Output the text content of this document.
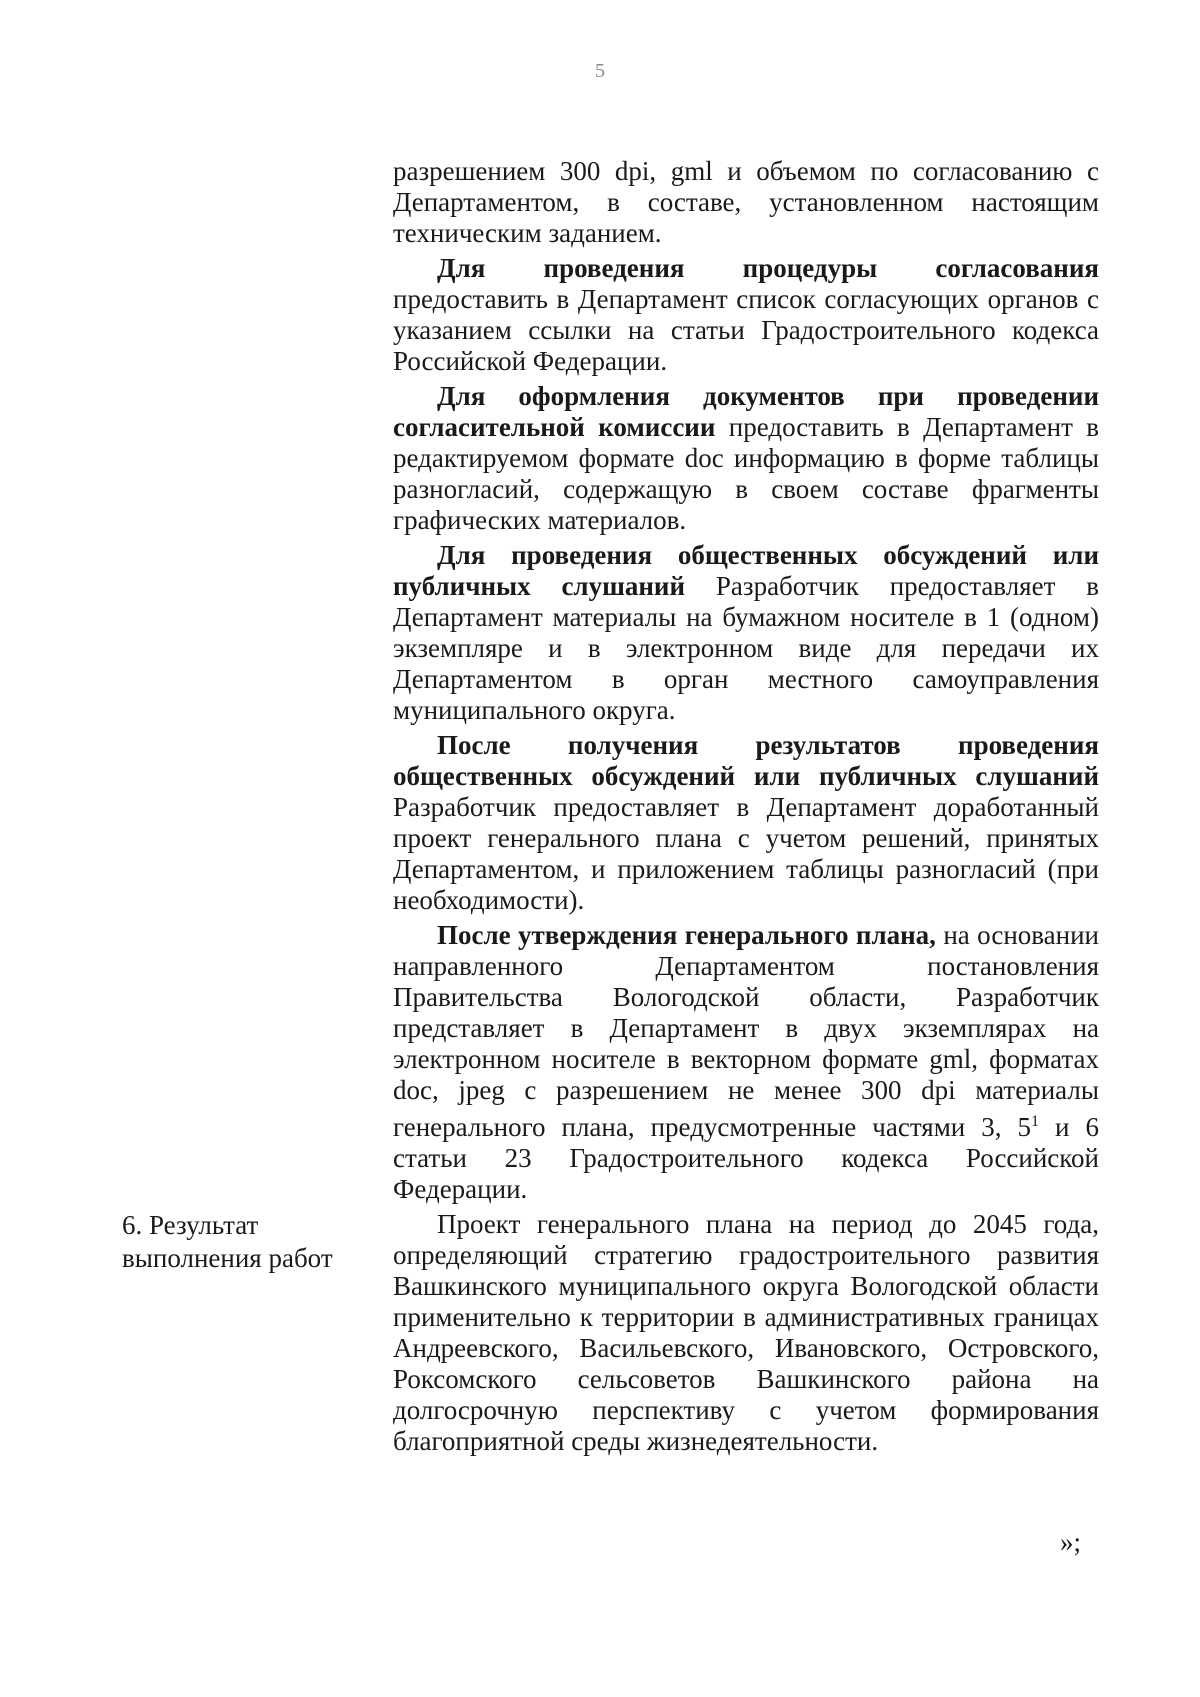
5

разрешением 300 dpi, gml и объемом по согласованию с Департаментом, в составе, установленном настоящим техническим заданием.

Для проведения процедуры согласования предоставить в Департамент список согласующих органов с указанием ссылки на статьи Градостроительного кодекса Российской Федерации.

Для оформления документов при проведении согласительной комиссии предоставить в Департамент в редактируемом формате doc информацию в форме таблицы разногласий, содержащую в своем составе фрагменты графических материалов.

Для проведения общественных обсуждений или публичных слушаний Разработчик предоставляет в Департамент материалы на бумажном носителе в 1 (одном) экземпляре и в электронном виде для передачи их Департаментом в орган местного самоуправления муниципального округа.

После получения результатов проведения общественных обсуждений или публичных слушаний Разработчик предоставляет в Департамент доработанный проект генерального плана с учетом решений, принятых Департаментом, и приложением таблицы разногласий (при необходимости).

После утверждения генерального плана, на основании направленного Департаментом постановления Правительства Вологодской области, Разработчик представляет в Департамент в двух экземплярах на электронном носителе в векторном формате gml, форматах doc, jpeg с разрешением не менее 300 dpi материалы генерального плана, предусмотренные частями 3, $5^1$ и 6 статьи 23 Градостроительного кодекса Российской Федерации.

Проект генерального плана на период до 2045 года, определяющий стратегию градостроительного развития Вашкинского муниципального округа Вологодской области применительно к территории в административных границах Андреевского, Васильевского, Ивановского, Островского, Роксомского сельсоветов Вашкинского района на долгосрочную перспективу с учетом формирования благоприятной среды жизнедеятельности.

6. Результат выполнения работ
»;
